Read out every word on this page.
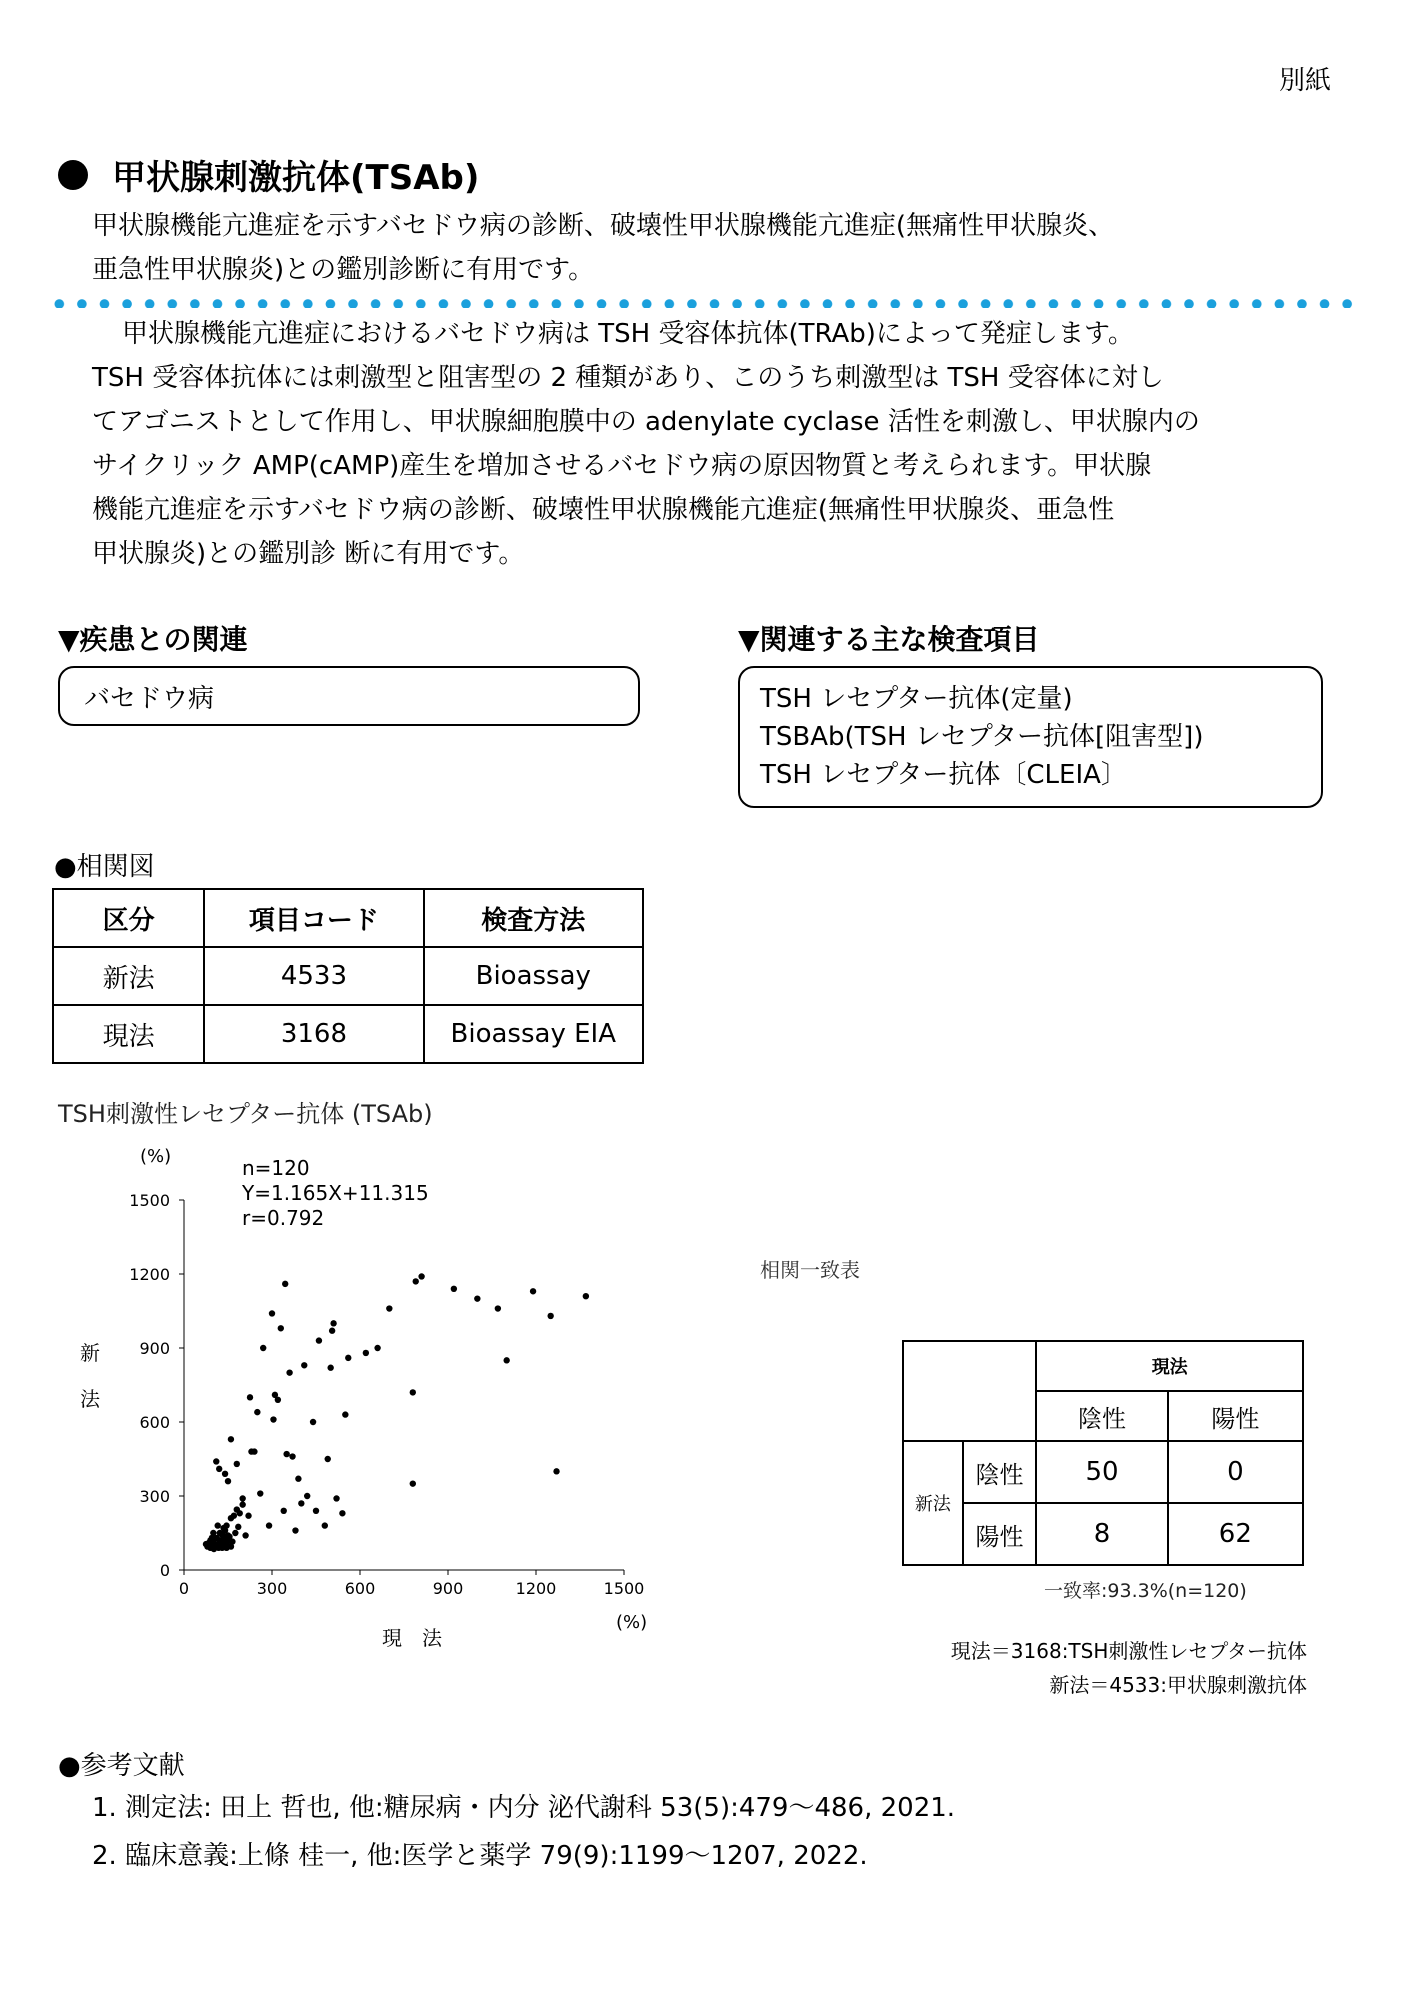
別紙
甲状腺刺激抗体(TSAb)
甲状腺機能亢進症を示すバセドウ病の診断、破壊性甲状腺機能亢進症(無痛性甲状腺炎、
亜急性甲状腺炎)との鑑別診断に有用です。

甲状腺機能亢進症におけるバセドウ病は TSH 受容体抗体(TRAb)によって発症します。

TSH 受容体抗体には刺激型と阻害型の 2 種類があり、このうち刺激型は TSH 受容体に対し

てアゴニストとして作用し、甲状腺細胞膜中の adenylate cyclase 活性を刺激し、甲状腺内の

サイクリック AMP(cAMP)産生を増加させるバセドウ病の原因物質と考えられます。甲状腺

機能亢進症を示すバセドウ病の診断、破壊性甲状腺機能亢進症(無痛性甲状腺炎、亜急性

甲状腺炎)との鑑別診 断に有用です。

▼疾患との関連
バセドウ病
▼関連する主な検査項目
TSH レセプター抗体(定量)
TSBAb(TSH レセプター抗体[阻害型])
TSH レセプター抗体〔CLEIA〕
●相関図
区分	項目コード	検査方法
新法	4533	Bioassay
現法	3168	Bioassay EIA
TSH刺激性レセプター抗体 (TSAb)
(%)	n=120
Y=1.165X+11.315
r=0.792
新
法
0
300
600
900
1200
1500
0	300	600	900	1200	1500
(%)
現　法
相関一致表
		現法	
		陰性	陽性
新法	陰性	50	0
	陽性	8	62
一致率:93.3%(n=120)
現法＝3168:TSH刺激性レセプター抗体
新法＝4533:甲状腺刺激抗体
●参考文献
1. 測定法: 田上 哲也, 他:糖尿病・内分 泌代謝科 53(5):479～486, 2021.
2. 臨床意義:上條 桂一, 他:医学と薬学 79(9):1199～1207, 2022.
